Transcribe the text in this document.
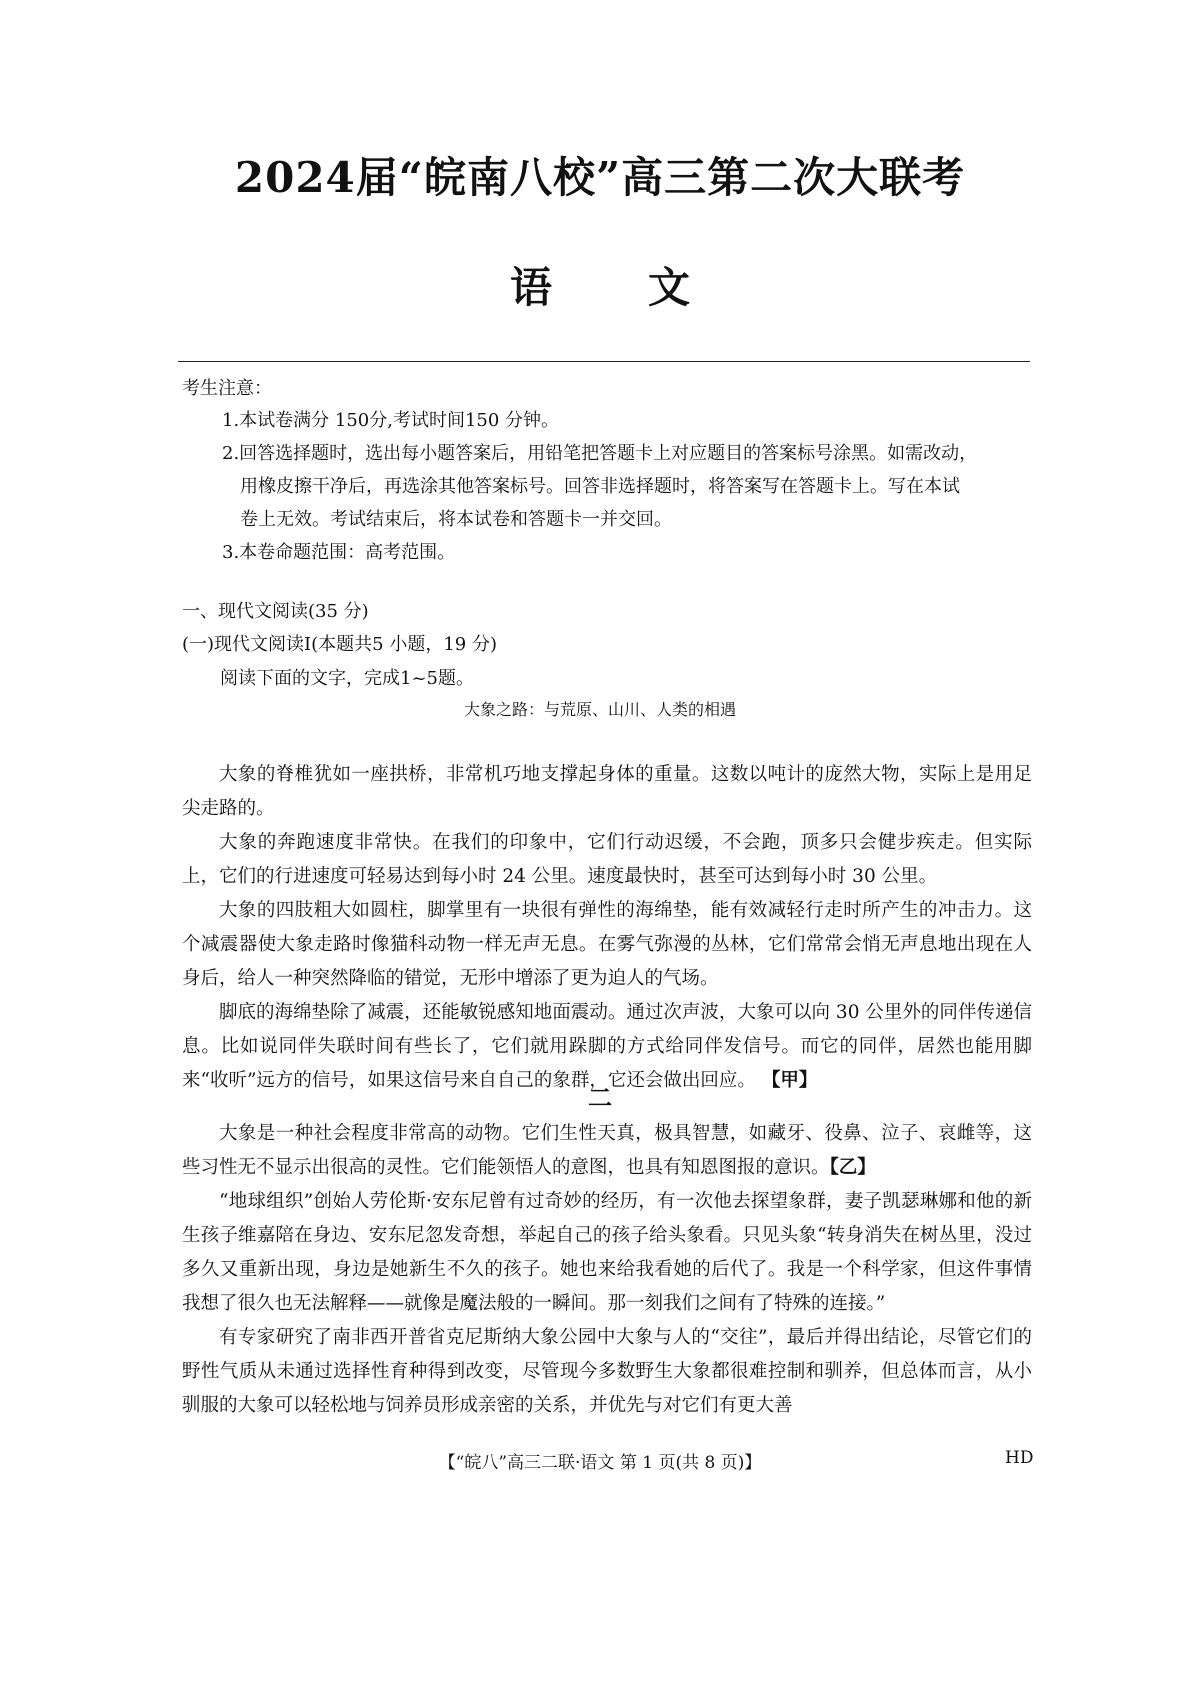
2024届“皖南八校”高三第二次大联考
语 文
考生注意：

1.本试卷满分 150分,考试时间150 分钟。

2.回答选择题时，选出每小题答案后，用铅笔把答题卡上对应题目的答案标号涂黑。如需改动，

用橡皮擦干净后，再选涂其他答案标号。回答非选择题时，将答案写在答题卡上。写在本试

卷上无效。考试结束后，将本试卷和答题卡一并交回。

3.本卷命题范围：高考范围。

一、现代文阅读(35 分)
(一)现代文阅读Ⅰ(本题共5 小题，19 分)
阅读下面的文字，完成1~5题。
大象之路：与荒原、山川、人类的相遇

大象的脊椎犹如一座拱桥，非常机巧地支撑起身体的重量。这数以吨计的庞然大物，实际上是用足尖走路的。

大象的奔跑速度非常快。在我们的印象中，它们行动迟缓，不会跑，顶多只会健步疾走。但实际上，它们的行进速度可轻易达到每小时 24 公里。速度最快时，甚至可达到每小时 30 公里。

大象的四肢粗大如圆柱，脚掌里有一块很有弹性的海绵垫，能有效减轻行走时所产生的冲击力。这个减震器使大象走路时像猫科动物一样无声无息。在雾气弥漫的丛林，它们常常会悄无声息地出现在人身后，给人一种突然降临的错觉，无形中增添了更为迫人的气场。

脚底的海绵垫除了减震，还能敏锐感知地面震动。通过次声波，大象可以向 30 公里外的同伴传递信息。比如说同伴失联时间有些长了，它们就用跺脚的方式给同伴发信号。而它的同伴，居然也能用脚来“收听”远方的信号，如果这信号来自自己的象群，它还会做出回应。 【甲】

二

大象是一种社会程度非常高的动物。它们生性天真，极具智慧，如藏牙、役鼻、泣子、哀雌等，这些习性无不显示出很高的灵性。它们能领悟人的意图，也具有知恩图报的意识。【乙】

“地球组织”创始人劳伦斯·安东尼曾有过奇妙的经历，有一次他去探望象群，妻子凯瑟琳娜和他的新生孩子维嘉陪在身边、安东尼忽发奇想，举起自己的孩子给头象看。只见头象“转身消失在树丛里，没过多久又重新出现，身边是她新生不久的孩子。她也来给我看她的后代了。我是一个科学家，但这件事情我想了很久也无法解释——就像是魔法般的一瞬间。那一刻我们之间有了特殊的连接。”

有专家研究了南非西开普省克尼斯纳大象公园中大象与人的“交往”，最后并得出结论，尽管它们的野性气质从未通过选择性育种得到改变，尽管现今多数野生大象都很难控制和驯养，但总体而言，从小驯服的大象可以轻松地与饲养员形成亲密的关系，并优先与对它们有更大善

【“皖八”高三二联·语文 第 1 页(共 8 页)】	HD
